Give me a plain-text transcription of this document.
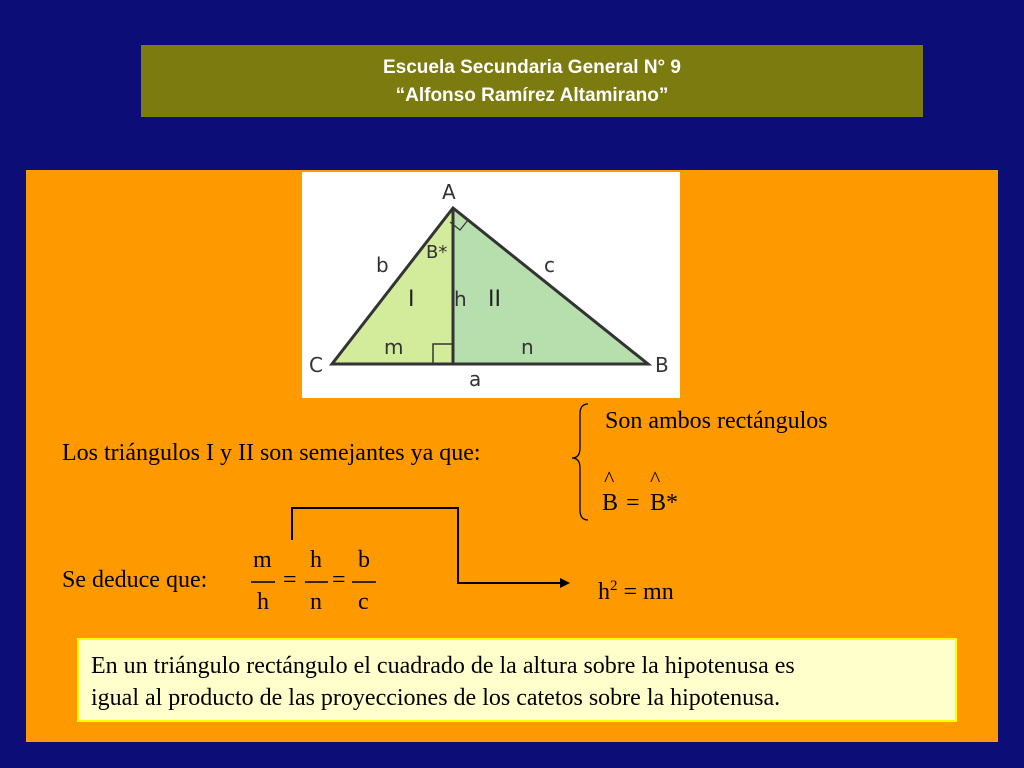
Escuela Secundaria General N° 9
“Alfonso Ramírez Altamirano”
A
B*
b	c
I h II
m	n
C	B
a
Los triángulos I y II son semejantes ya que:
Son ambos rectángulos
^ ^
B = B*
Se deduce que:
m
h
=
h
n
=
b
c	$h^2$ = mn
En un triángulo rectángulo el cuadrado de la altura sobre la hipotenusa es
igual al producto de las proyecciones de los catetos sobre la hipotenusa.
